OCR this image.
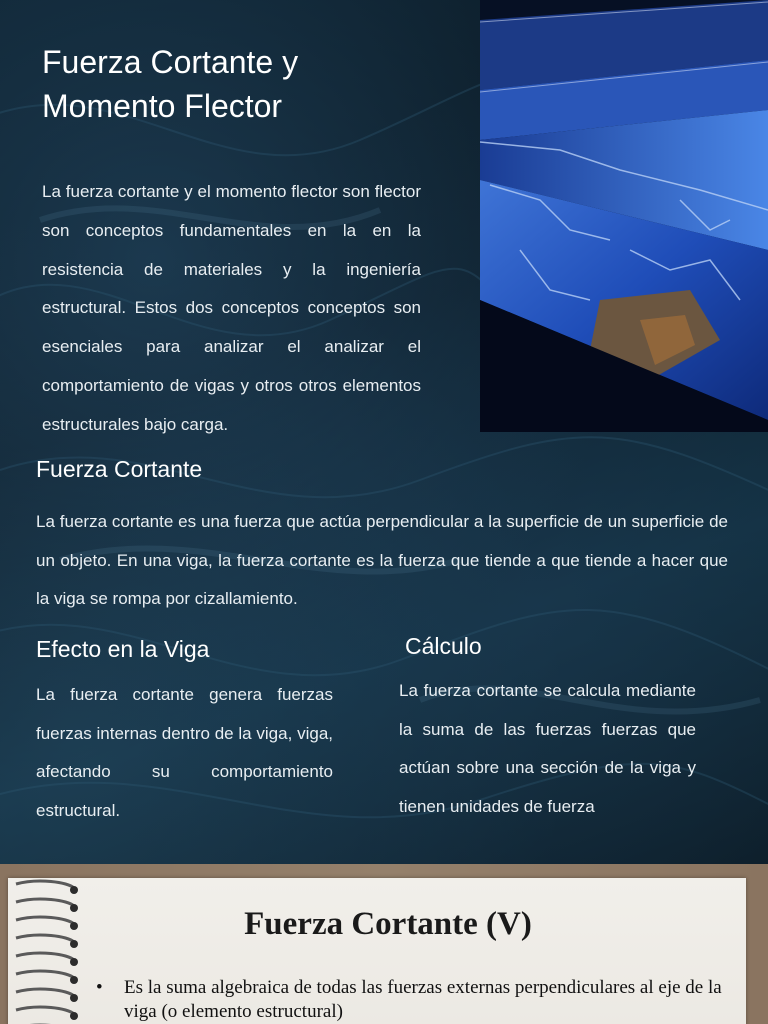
Fuerza Cortante y
Momento Flector

La fuerza cortante y el momento flector son flector son conceptos fundamentales en la en la resistencia de materiales y la ingeniería estructural. Estos dos conceptos conceptos son esenciales para analizar el analizar el comportamiento de vigas y otros otros elementos estructurales bajo carga.

Fuerza Cortante

La fuerza cortante es una fuerza que actúa perpendicular a la superficie de un superficie de un objeto. En una viga, la fuerza cortante es la fuerza que tiende a que tiende a hacer que la viga se rompa por cizallamiento.

Efecto en la Viga

La fuerza cortante genera fuerzas fuerzas internas dentro de la viga, viga, afectando su comportamiento estructural.

Cálculo

La fuerza cortante se calcula mediante la suma de las fuerzas fuerzas que actúan sobre una sección de la viga y tienen unidades de fuerza

Fuerza Cortante (V)
• Es la suma algebraica de todas las fuerzas externas perpendiculares al eje de la viga (o elemento estructural)
